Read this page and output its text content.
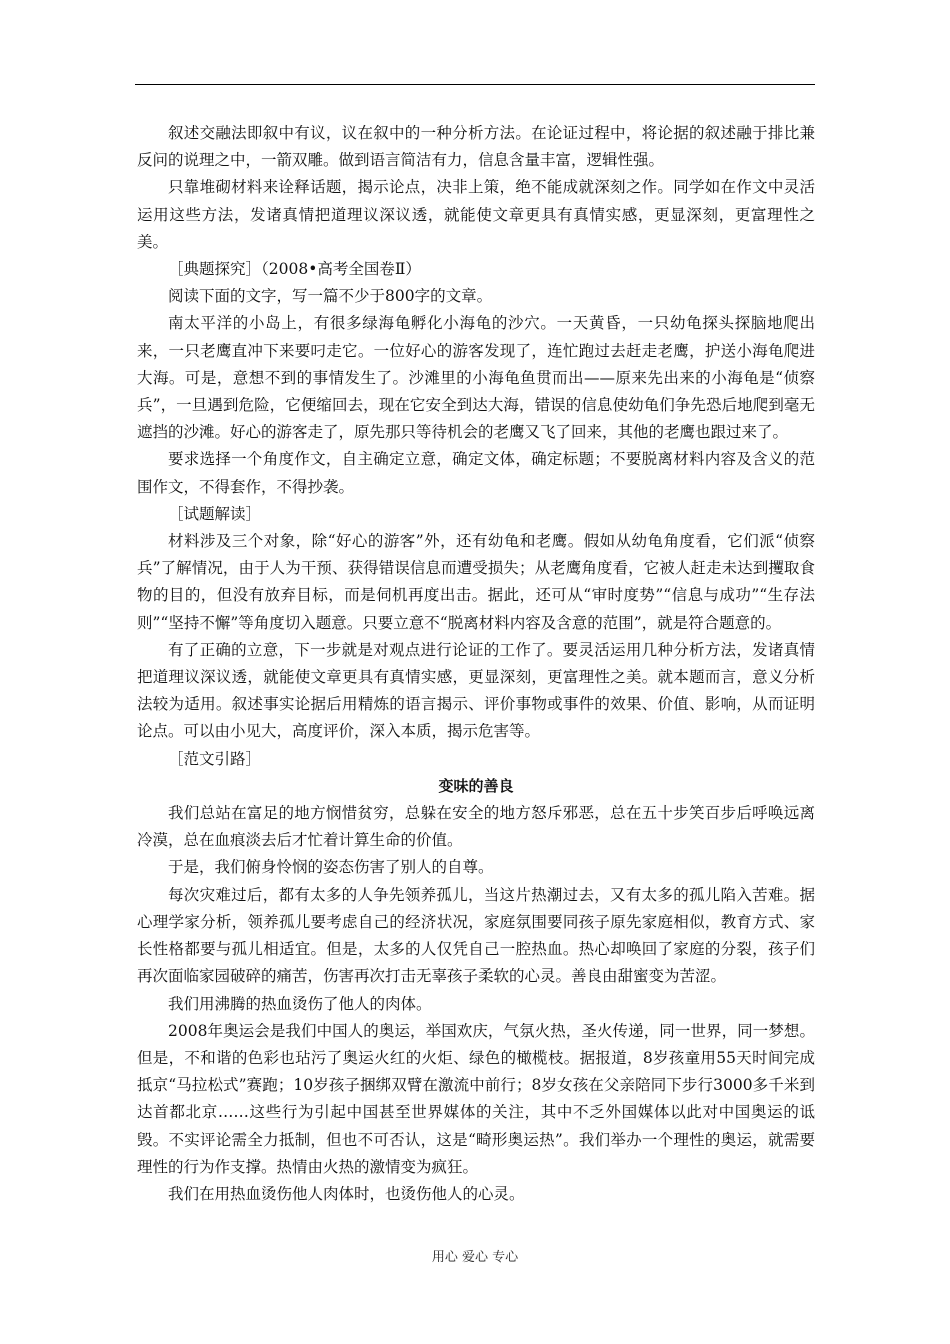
叙述交融法即叙中有议，议在叙中的一种分析方法。在论证过程中，将论据的叙述融于排比兼反问的说理之中，一箭双雕。做到语言简洁有力，信息含量丰富，逻辑性强。

只靠堆砌材料来诠释话题，揭示论点，决非上策，绝不能成就深刻之作。同学如在作文中灵活运用这些方法，发诸真情把道理议深议透，就能使文章更具有真情实感，更显深刻，更富理性之美。

［典题探究］（2008•高考全国卷Ⅱ）

阅读下面的文字，写一篇不少于800字的文章。

南太平洋的小岛上，有很多绿海龟孵化小海龟的沙穴。一天黄昏，一只幼龟探头探脑地爬出来，一只老鹰直冲下来要叼走它。一位好心的游客发现了，连忙跑过去赶走老鹰，护送小海龟爬进大海。可是，意想不到的事情发生了。沙滩里的小海龟鱼贯而出——原来先出来的小海龟是“侦察兵”，一旦遇到危险，它便缩回去，现在它安全到达大海，错误的信息使幼龟们争先恐后地爬到毫无遮挡的沙滩。好心的游客走了，原先那只等待机会的老鹰又飞了回来，其他的老鹰也跟过来了。

要求选择一个角度作文，自主确定立意，确定文体，确定标题；不要脱离材料内容及含义的范围作文，不得套作，不得抄袭。

［试题解读］

材料涉及三个对象，除“好心的游客”外，还有幼龟和老鹰。假如从幼龟角度看，它们派“侦察兵”了解情况，由于人为干预、获得错误信息而遭受损失；从老鹰角度看，它被人赶走未达到攫取食物的目的，但没有放弃目标，而是伺机再度出击。据此，还可从“审时度势”“信息与成功”“生存法则”“坚持不懈”等角度切入题意。只要立意不“脱离材料内容及含意的范围”，就是符合题意的。

有了正确的立意，下一步就是对观点进行论证的工作了。要灵活运用几种分析方法，发诸真情把道理议深议透，就能使文章更具有真情实感，更显深刻，更富理性之美。就本题而言，意义分析法较为适用。叙述事实论据后用精炼的语言揭示、评价事物或事件的效果、价值、影响，从而证明论点。可以由小见大，高度评价，深入本质，揭示危害等。

［范文引路］

变味的善良

我们总站在富足的地方悯惜贫穷，总躲在安全的地方怒斥邪恶，总在五十步笑百步后呼唤远离冷漠，总在血痕淡去后才忙着计算生命的价值。

于是，我们俯身怜悯的姿态伤害了别人的自尊。

每次灾难过后，都有太多的人争先领养孤儿，当这片热潮过去，又有太多的孤儿陷入苦难。据心理学家分析，领养孤儿要考虑自己的经济状况，家庭氛围要同孩子原先家庭相似，教育方式、家长性格都要与孤儿相适宜。但是，太多的人仅凭自己一腔热血。热心却唤回了家庭的分裂，孩子们再次面临家园破碎的痛苦，伤害再次打击无辜孩子柔软的心灵。善良由甜蜜变为苦涩。

我们用沸腾的热血烫伤了他人的肉体。

2008年奥运会是我们中国人的奥运，举国欢庆，气氛火热，圣火传递，同一世界，同一梦想。但是，不和谐的色彩也玷污了奥运火红的火炬、绿色的橄榄枝。据报道，8岁孩童用55天时间完成抵京“马拉松式”赛跑；10岁孩子捆绑双臂在激流中前行；8岁女孩在父亲陪同下步行3000多千米到达首都北京……这些行为引起中国甚至世界媒体的关注，其中不乏外国媒体以此对中国奥运的诋毁。不实评论需全力抵制，但也不可否认，这是“畸形奥运热”。我们举办一个理性的奥运，就需要理性的行为作支撑。热情由火热的激情变为疯狂。

我们在用热血烫伤他人肉体时，也烫伤他人的心灵。

用心 爱心 专心
